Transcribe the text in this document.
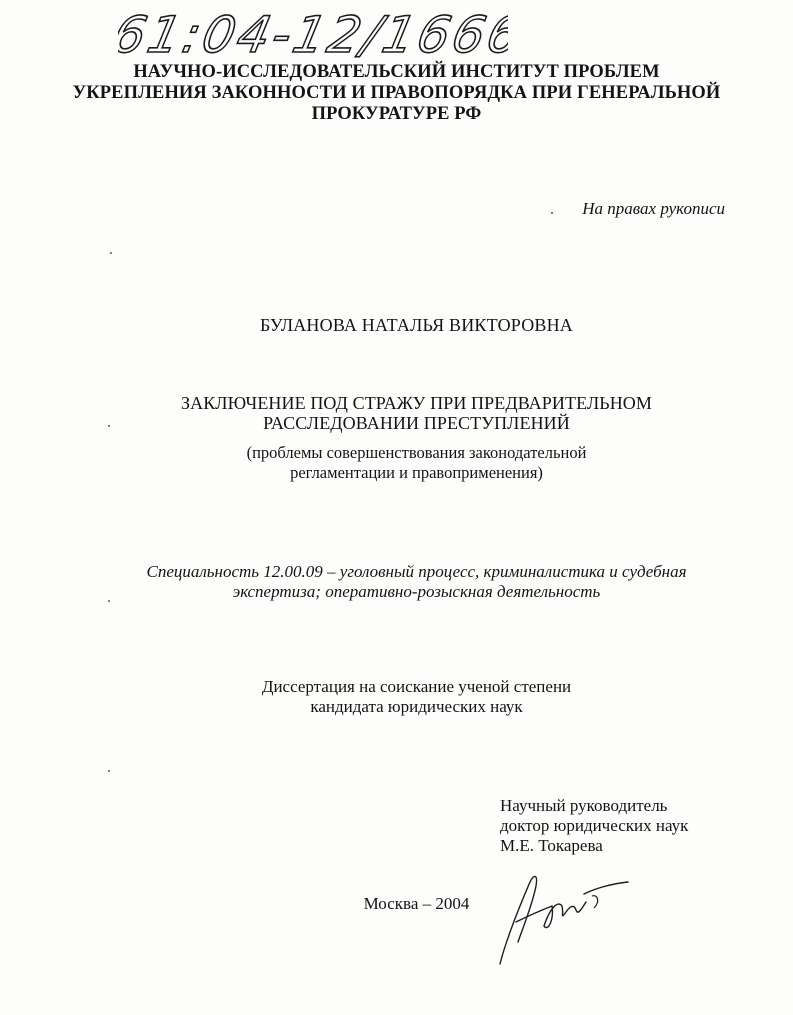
61:04-12/1666
НАУЧНО-ИССЛЕДОВАТЕЛЬСКИЙ ИНСТИТУТ ПРОБЛЕМ
УКРЕПЛЕНИЯ ЗАКОННОСТИ И ПРАВОПОРЯДКА ПРИ ГЕНЕРАЛЬНОЙ
ПРОКУРАТУРЕ РФ
На правах рукописи
БУЛАНОВА НАТАЛЬЯ ВИКТОРОВНА
ЗАКЛЮЧЕНИЕ ПОД СТРАЖУ ПРИ ПРЕДВАРИТЕЛЬНОМ
РАССЛЕДОВАНИИ ПРЕСТУПЛЕНИЙ
(проблемы совершенствования законодательной
регламентации и правоприменения)
Специальность 12.00.09 – уголовный процесс, криминалистика и судебная
экспертиза; оперативно-розыскная деятельность
Диссертация на соискание ученой степени
кандидата юридических наук
Научный руководитель
доктор юридических наук
М.Е. Токарева
Москва – 2004
